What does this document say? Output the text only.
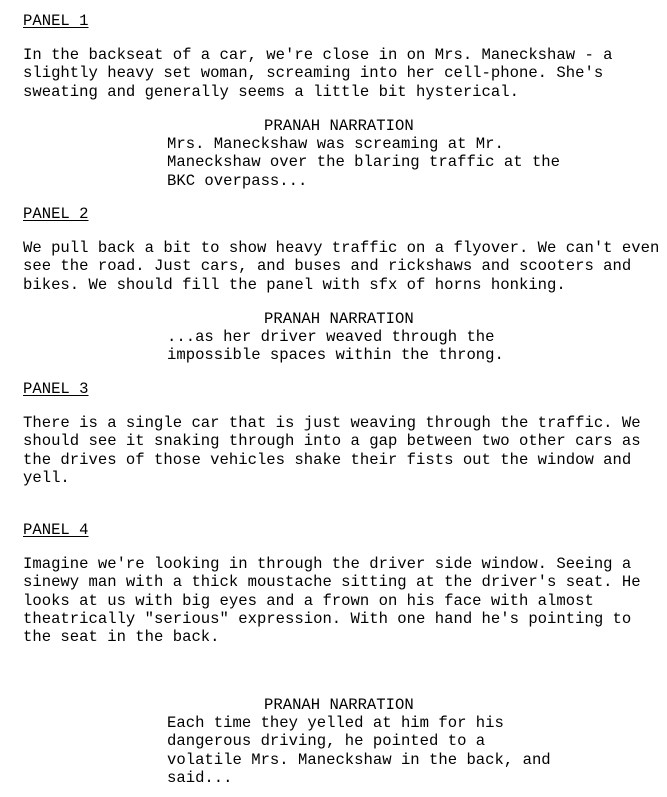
PANEL 1
In the backseat of a car, we're close in on Mrs. Maneckshaw - a
slightly heavy set woman, screaming into her cell-phone. She's
sweating and generally seems a little bit hysterical.
PRANAH NARRATION
Mrs. Maneckshaw was screaming at Mr.
Maneckshaw over the blaring traffic at the
BKC overpass...
PANEL 2
We pull back a bit to show heavy traffic on a flyover. We can't even
see the road. Just cars, and buses and rickshaws and scooters and
bikes. We should fill the panel with sfx of horns honking.
PRANAH NARRATION
...as her driver weaved through the
impossible spaces within the throng.
PANEL 3
There is a single car that is just weaving through the traffic. We
should see it snaking through into a gap between two other cars as
the drives of those vehicles shake their fists out the window and
yell.
PANEL 4
Imagine we're looking in through the driver side window. Seeing a
sinewy man with a thick moustache sitting at the driver's seat. He
looks at us with big eyes and a frown on his face with almost
theatrically "serious" expression. With one hand he's pointing to
the seat in the back.
PRANAH NARRATION
Each time they yelled at him for his
dangerous driving, he pointed to a
volatile Mrs. Maneckshaw in the back, and
said...
